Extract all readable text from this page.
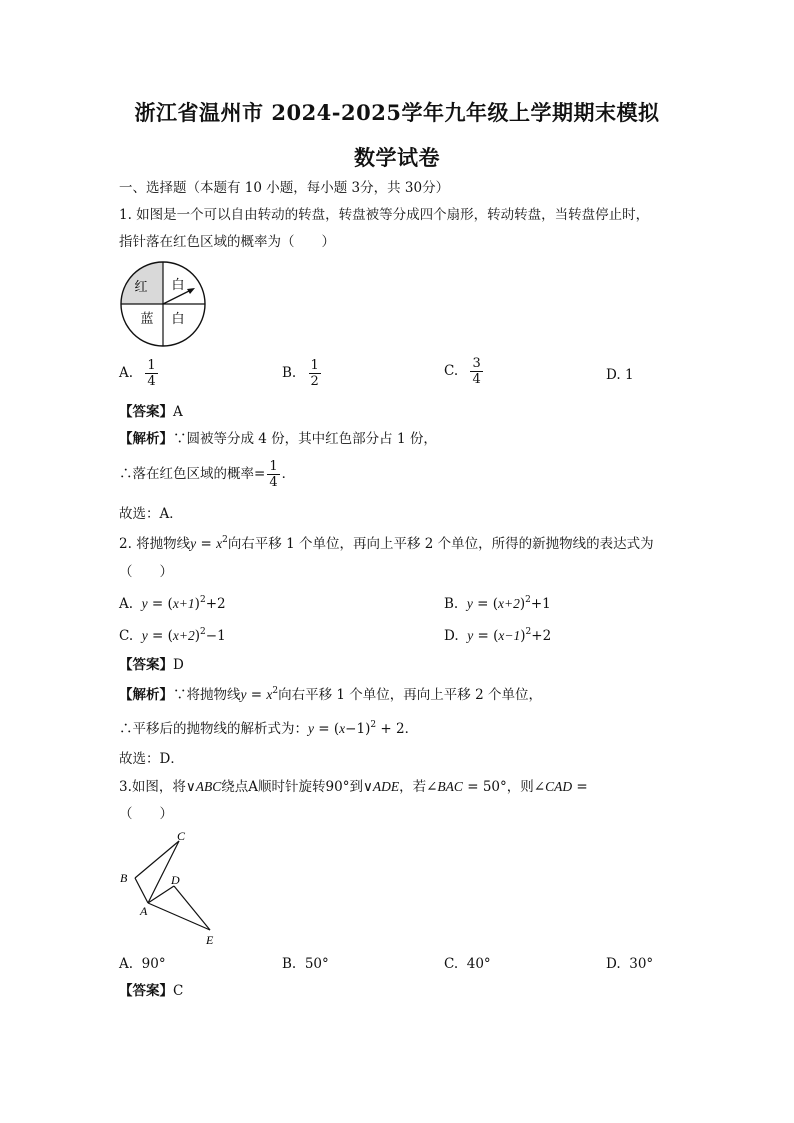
浙江省温州市 2024-2025学年九年级上学期期末模拟
数学试卷
一、选择题（本题有 10 小题，每小题 3分，共 30分）
1. 如图是一个可以自由转动的转盘，转盘被等分成四个扇形，转动转盘，当转盘停止时，
指针落在红色区域的概率为（　　）
红 白
蓝 白
A. $\frac{1}{4}$	B. $\frac{1}{2}$	C. $\frac{3}{4}$	D. 1
【答案】A
【解析】∵圆被等分成 4 份，其中红色部分占 1 份，
∴落在红色区域的概率= $\frac{1}{4}$ ．
故选：A．
2. 将抛物线$y = x^2$向右平移 1 个单位，再向上平移 2 个单位，所得的新抛物线的表达式为
（　　）
A. $y = (x+1)^2+2$	B. $y = (x+2)^2+1$
C. $y = (x+2)^2-1$	D. $y = (x-1)^2+2$
【答案】D
【解析】∵将抛物线$y = x^2$向右平移 1 个单位，再向上平移 2 个单位，
∴平移后的抛物线的解析式为：$y = (x-1)^2 + 2$．
故选：D．
3.如图，将∨ABC绕点A顺时针旋转90°到∨ADE，若∠BAC = 50°，则∠CAD =
（　　）
C
B	D
A
E
A. 90°	B. 50°	C. 40°	D. 30°
【答案】C
